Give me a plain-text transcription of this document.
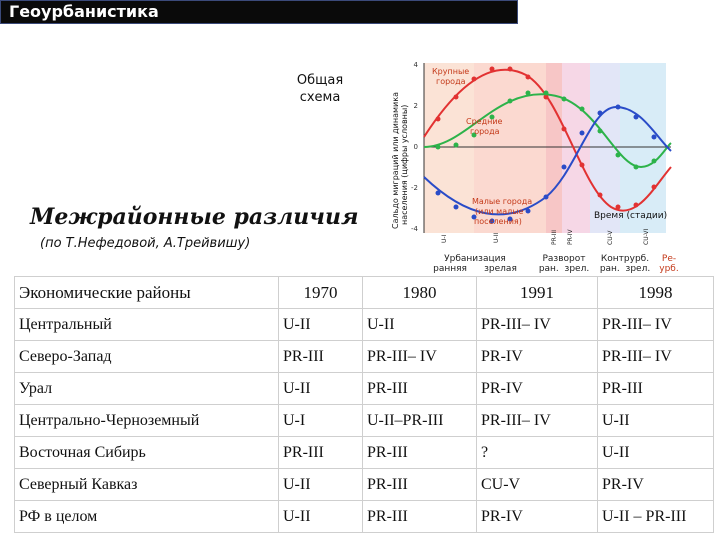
Геоурбанистика
Общая
схема
Межрайонные различия
(по Т.Нефедовой, А.Трейвишу)
4
2
0
-2
-4
Сальдо миграций или динамика населения (цифры условны)
Крупные
города
Средние
города
Малые города
(или малые
поселения)
Время (стадии)
U-I	U-II	PR-III PR-IV	CU-V	CU-VI
Урбанизация
ранняя зрелая
Разворот
ран. зрел.
Контрурб.
ран. зрел.
Ре-
урб.
Экономические районы	1970	1980	1991	1998
Центральный	U-II	U-II	PR-III– IV	PR-III– IV
Северо-Запад	PR-III	PR-III– IV	PR-IV	PR-III– IV
Урал	U-II	PR-III	PR-IV	PR-III
Центрально-Черноземный	U-I	U-II–PR-III	PR-III– IV	U-II
Восточная Сибирь	PR-III	PR-III	?	U-II
Северный Кавказ	U-II	PR-III	CU-V	PR-IV
РФ в целом	U-II	PR-III	PR-IV	U-II – PR-III
